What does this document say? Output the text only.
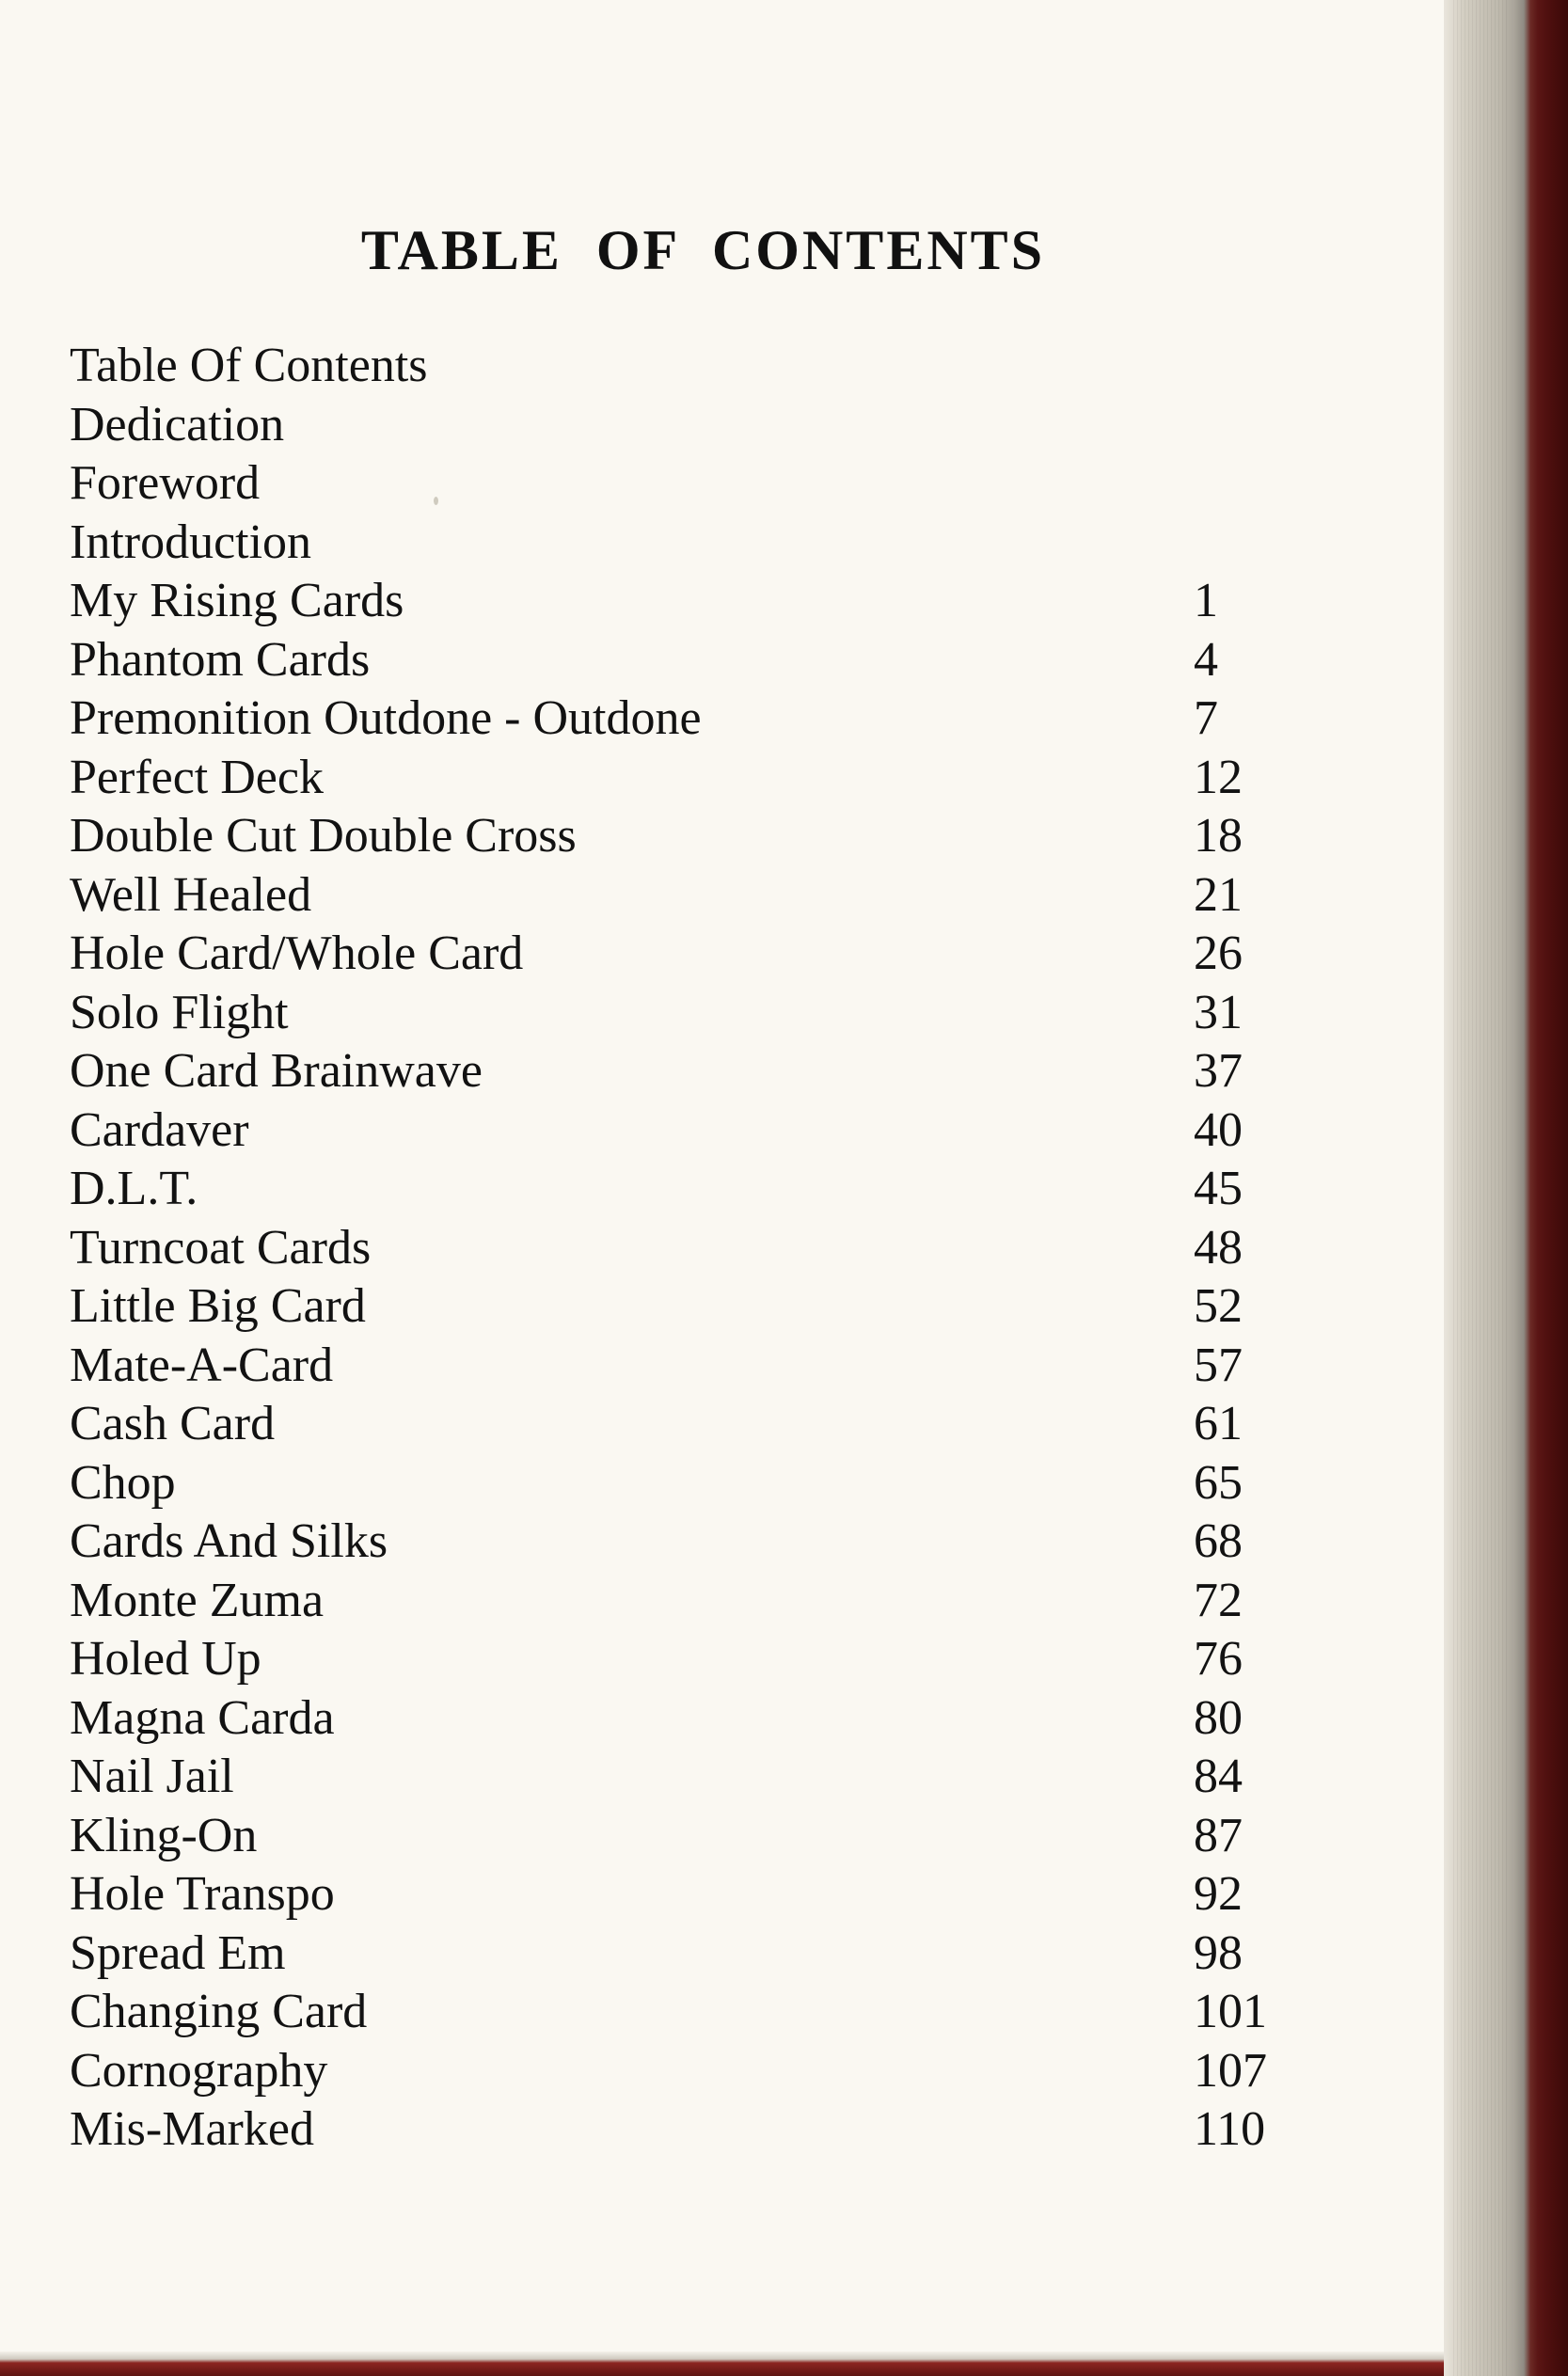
TABLE OF CONTENTS
Table Of Contents
Dedication
Foreword
Introduction
My Rising Cards	1
Phantom Cards	4
Premonition Outdone - Outdone	7
Perfect Deck	12
Double Cut Double Cross	18
Well Healed	21
Hole Card/Whole Card	26
Solo Flight	31
One Card Brainwave	37
Cardaver	40
D.L.T.	45
Turncoat Cards	48
Little Big Card	52
Mate-A-Card	57
Cash Card	61
Chop	65
Cards And Silks	68
Monte Zuma	72
Holed Up	76
Magna Carda	80
Nail Jail	84
Kling-On	87
Hole Transpo	92
Spread Em	98
Changing Card	101
Cornography	107
Mis-Marked	110
